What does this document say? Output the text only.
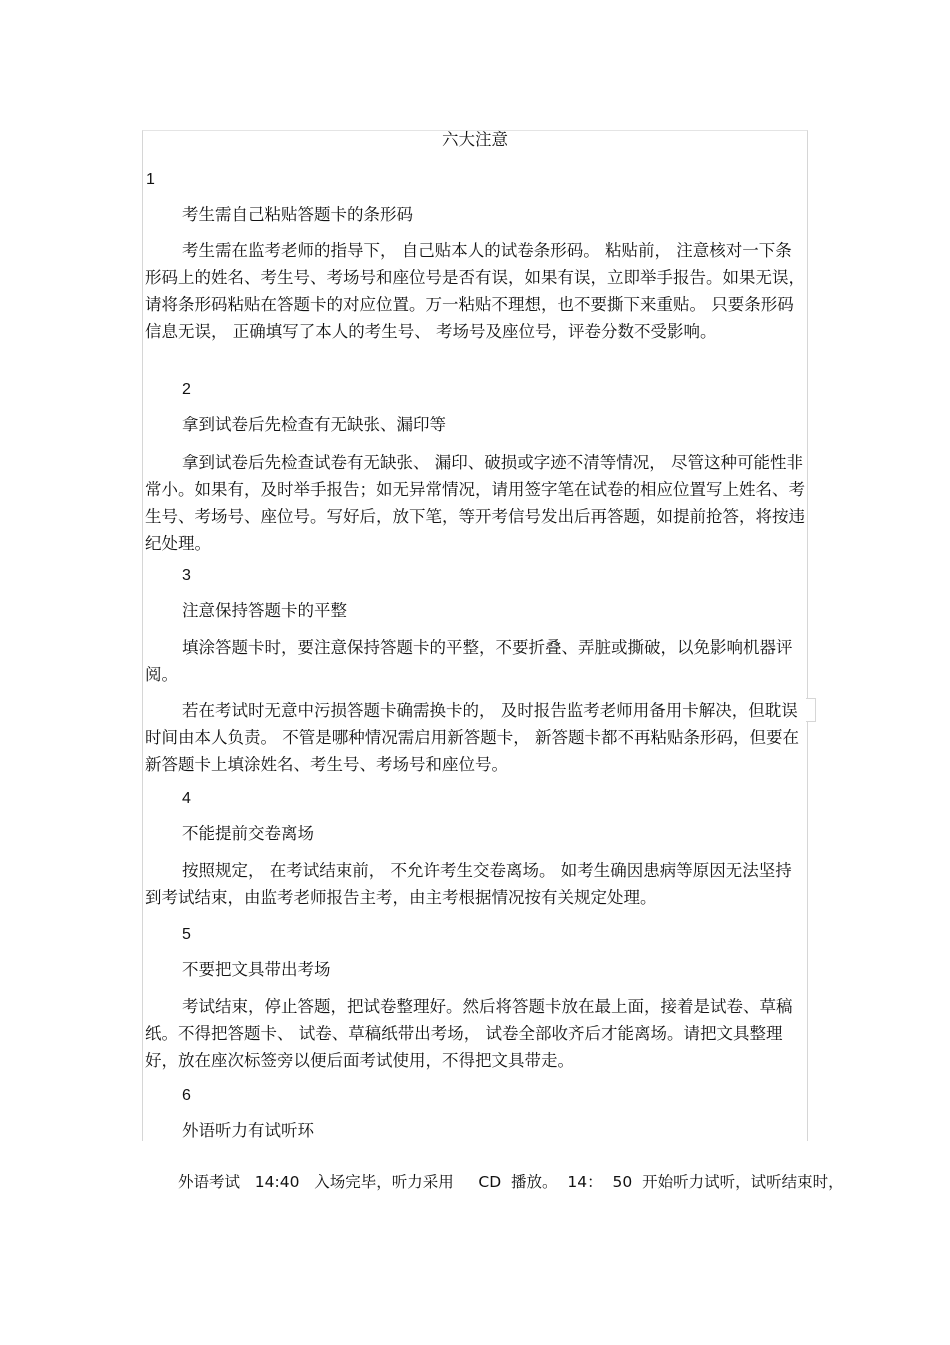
六大注意
1
考生需自己粘贴答题卡的条形码
考生需在监考老师的指导下， 自己贴本人的试卷条形码。 粘贴前， 注意核对一下条形码上的姓名、考生号、考场号和座位号是否有误，如果有误，立即举手报告。如果无误，请将条形码粘贴在答题卡的对应位置。万一粘贴不理想，也不要撕下来重贴。 只要条形码信息无误， 正确填写了本人的考生号、 考场号及座位号，评卷分数不受影响。
2
拿到试卷后先检查有无缺张、漏印等
拿到试卷后先检查试卷有无缺张、 漏印、破损或字迹不清等情况， 尽管这种可能性非常小。如果有，及时举手报告；如无异常情况，请用签字笔在试卷的相应位置写上姓名、考生号、考场号、座位号。写好后，放下笔，等开考信号发出后再答题，如提前抢答，将按违纪处理。
3
注意保持答题卡的平整
填涂答题卡时，要注意保持答题卡的平整，不要折叠、弄脏或撕破，以免影响机器评阅。
若在考试时无意中污损答题卡确需换卡的， 及时报告监考老师用备用卡解决，但耽误时间由本人负责。 不管是哪种情况需启用新答题卡， 新答题卡都不再粘贴条形码，但要在新答题卡上填涂姓名、考生号、考场号和座位号。
4
不能提前交卷离场
按照规定， 在考试结束前， 不允许考生交卷离场。 如考生确因患病等原因无法坚持到考试结束，由监考老师报告主考，由主考根据情况按有关规定处理。
5
不要把文具带出考场
考试结束，停止答题，把试卷整理好。然后将答题卡放在最上面，接着是试卷、草稿纸。不得把答题卡、 试卷、草稿纸带出考场， 试卷全部收齐后才能离场。请把文具整理好，放在座次标签旁以便后面考试使用，不得把文具带走。
6
外语听力有试听环
外语考试 14:40 入场完毕，听力采用 CD 播放。 14： 50 开始听力试听，试听结束时，
